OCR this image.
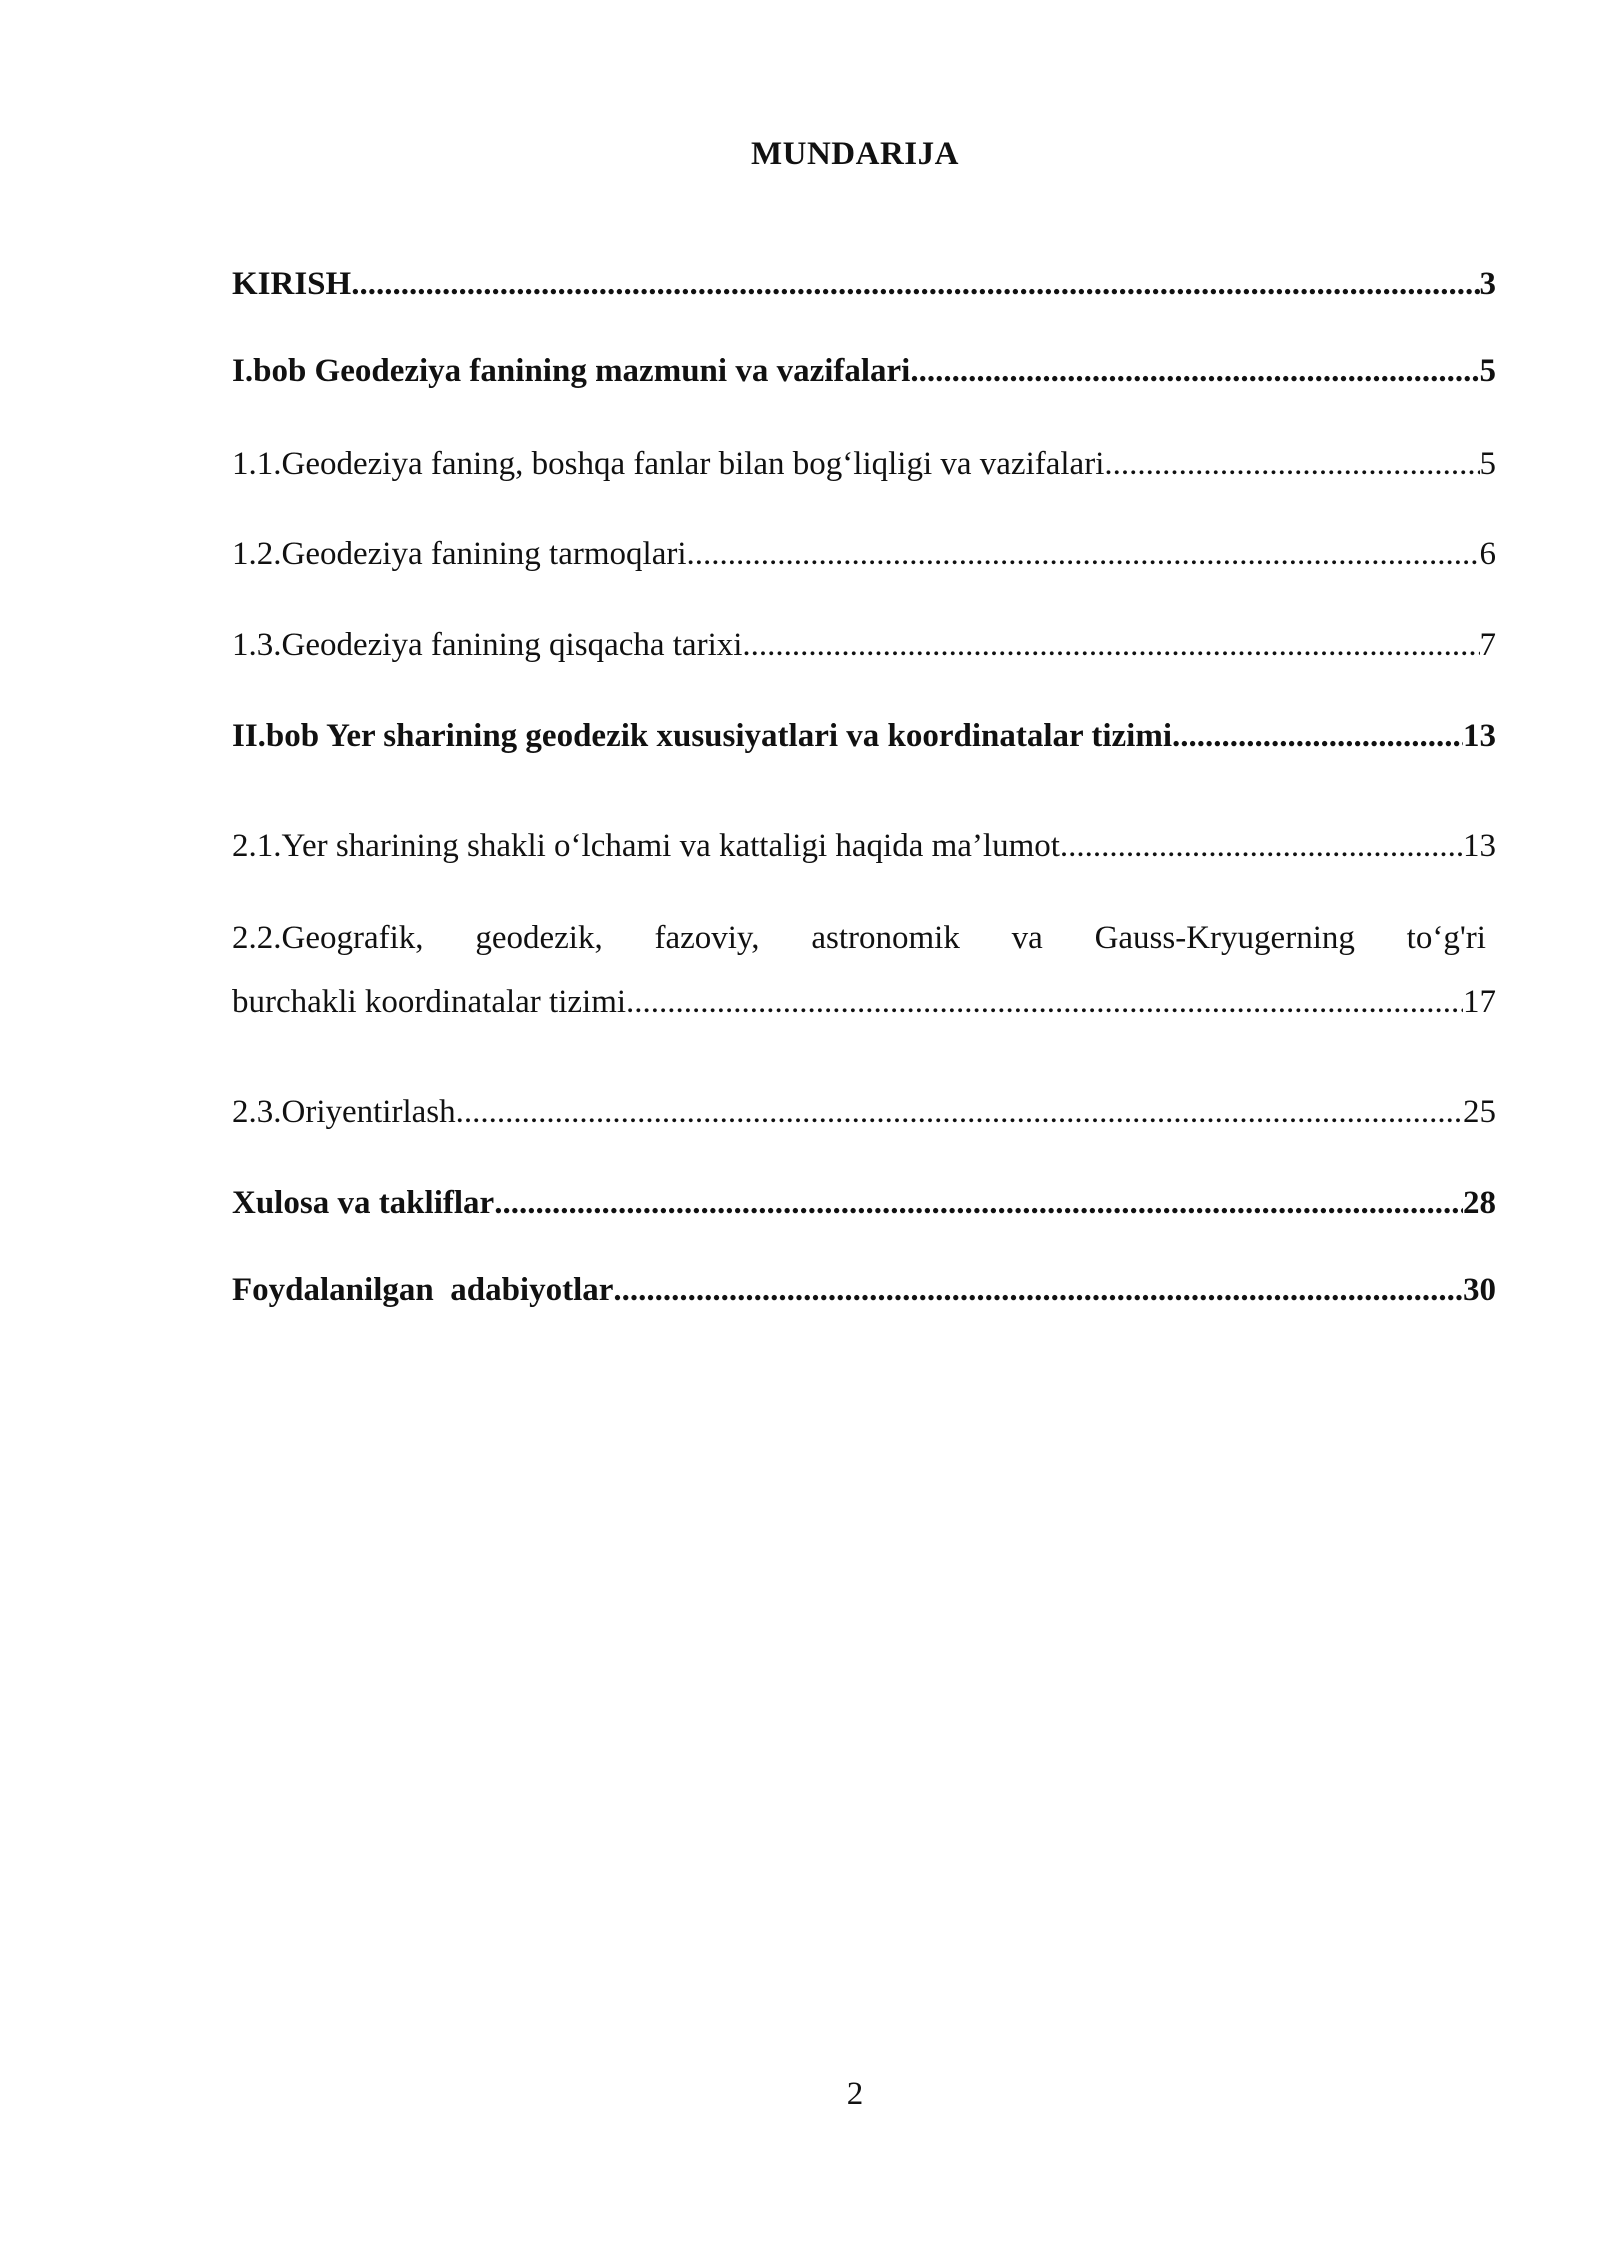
MUNDARIJA
KIRISH .....	3
I.bob Geodeziya fanining mazmuni va vazifalari .....	5
1.1.Geodeziya faning, boshqa fanlar bilan bog‘liqligi va vazifalari .....	5
1.2.Geodeziya fanining tarmoqlari .....	6
1.3.Geodeziya fanining qisqacha tarixi .....	7
II.bob Yer sharining geodezik xususiyatlari va koordinatalar tizimi .....	13
2.1.Yer sharining shakli o‘lchami va kattaligi haqida ma’lumot .....	13
2.2.Geografik, geodezik, fazoviy, astronomik va Gauss-Kryugerning to‘g'ri
burchakli koordinatalar tizimi .....	17
2.3.Oriyentirlash .....	25
Xulosa va takliflar .....	28
Foydalanilgan  adabiyotlar .....	30
2
